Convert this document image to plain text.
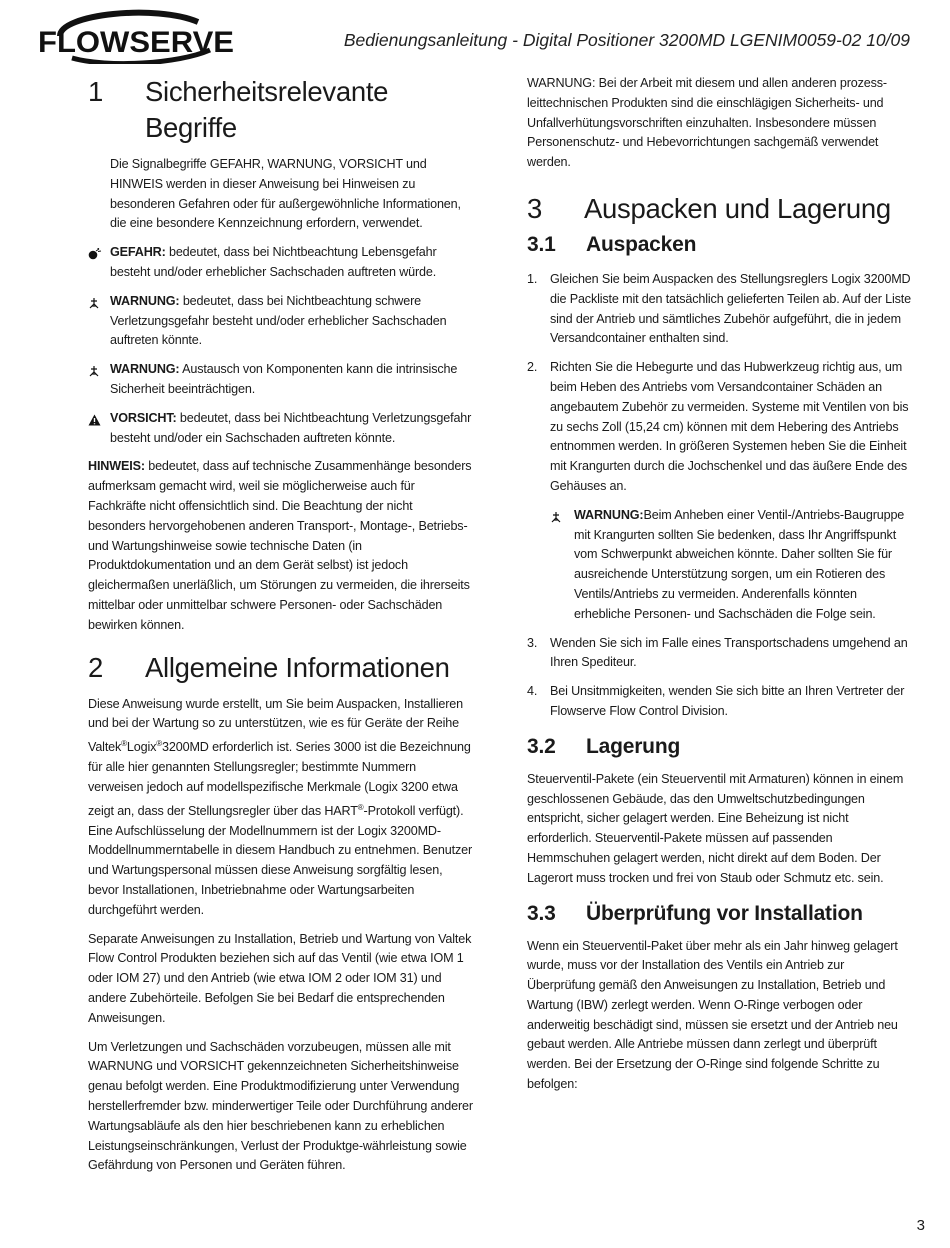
FLOWSERVE	Bedienungsanleitung - Digital Positioner 3200MD LGENIM0059-02 10/09
1	Sicherheitsrelevante Begriffe

Die Signalbegriffe GEFAHR, WARNUNG, VORSICHT und HINWEIS werden in dieser Anweisung bei Hinweisen zu besonderen Gefahren oder für außergewöhnliche Informationen, die eine besondere Kennzeichnung erfordern, verwendet.

GEFAHR: bedeutet, dass bei Nichtbeachtung Lebensgefahr besteht und/oder erheblicher Sachschaden auftreten würde.

WARNUNG: bedeutet, dass bei Nichtbeachtung schwere Verletzungsgefahr besteht und/oder erheblicher Sachschaden auftreten könnte.

WARNUNG: Austausch von Komponenten kann die intrinsische Sicherheit beeinträchtigen.

VORSICHT: bedeutet, dass bei Nichtbeachtung Verletzungsgefahr besteht und/oder ein Sachschaden auftreten könnte.

HINWEIS: bedeutet, dass auf technische Zusammenhänge besonders aufmerksam gemacht wird, weil sie möglicherweise auch für Fachkräfte nicht offensichtlich sind. Die Beachtung der nicht besonders hervorgehobenen anderen Transport-, Montage-, Betriebs- und Wartungshinweise sowie technische Daten (in Produktdokumentation und an dem Gerät selbst) ist jedoch gleichermaßen unerläßlich, um Störungen zu vermeiden, die ihrerseits mittelbar oder unmittelbar schwere Personen- oder Sachschäden bewirken können.

2	Allgemeine Informationen

Diese Anweisung wurde erstellt, um Sie beim Auspacken, Installieren und bei der Wartung so zu unterstützen, wie es für Geräte der Reihe Valtek®Logix®3200MD erforderlich ist. Series 3000 ist die Bezeichnung für alle hier genannten Stellungsregler; bestimmte Nummern verweisen jedoch auf modellspezifische Merkmale (Logix 3200 etwa zeigt an, dass der Stellungsregler über das HART®-Protokoll verfügt). Eine Aufschlüsselung der Modellnummern ist der Logix 3200MD-Moddellnummerntabelle in diesem Handbuch zu entnehmen. Benutzer und Wartungspersonal müssen diese Anweisung sorgfältig lesen, bevor Installationen, Inbetriebnahme oder Wartungsarbeiten durchgeführt werden.

Separate Anweisungen zu Installation, Betrieb und Wartung von Valtek Flow Control Produkten beziehen sich auf das Ventil (wie etwa IOM 1 oder IOM 27) und den Antrieb (wie etwa IOM 2 oder IOM 31) und andere Zubehörteile. Befolgen Sie bei Bedarf die entsprechenden Anweisungen.

Um Verletzungen und Sachschäden vorzubeugen, müssen alle mit WARNUNG und VORSICHT gekennzeichneten Sicherheitshinweise genau befolgt werden. Eine Produktmodifizierung unter Verwendung herstellerfremder bzw. minderwertiger Teile oder Durchführung anderer Wartungsabläufe als den hier beschriebenen kann zu erheblichen Leistungseinschränkungen, Verlust der Produktge-währleistung sowie Gefährdung von Personen und Geräten führen.

WARNUNG: Bei der Arbeit mit diesem und allen anderen prozess-leittechnischen Produkten sind die einschlägigen Sicherheits- und Unfallverhütungsvorschriften einzuhalten. Insbesondere müssen Personenschutz- und Hebevorrichtungen sachgemäß verwendet werden.

3	Auspacken und Lagerung
3.1	Auspacken
1.	Gleichen Sie beim Auspacken des Stellungsreglers Logix 3200MD die Packliste mit den tatsächlich gelieferten Teilen ab. Auf der Liste sind der Antrieb und sämtliches Zubehör aufgeführt, die in jedem Versandcontainer enthalten sind.
2.	Richten Sie die Hebegurte und das Hubwerkzeug richtig aus, um beim Heben des Antriebs vom Versandcontainer Schäden an angebautem Zubehör zu vermeiden. Systeme mit Ventilen von bis zu sechs Zoll (15,24 cm) können mit dem Hebering des Antriebs entnommen werden. In größeren Systemen heben Sie die Einheit mit Krangurten durch die Jochschenkel und das äußere Ende des Gehäuses an.

WARNUNG:Beim Anheben einer Ventil-/Antriebs-Baugruppe mit Krangurten sollten Sie bedenken, dass Ihr Angriffspunkt vom Schwerpunkt abweichen könnte. Daher sollten Sie für ausreichende Unterstützung sorgen, um ein Rotieren des Ventils/Antriebs zu vermeiden. Anderenfalls könnten erhebliche Personen- und Sachschäden die Folge sein.

3.	Wenden Sie sich im Falle eines Transportschadens umgehend an Ihren Spediteur.
4.	Bei Unsitmmigkeiten, wenden Sie sich bitte an Ihren Vertreter der Flowserve Flow Control Division.
3.2	Lagerung

Steuerventil-Pakete (ein Steuerventil mit Armaturen) können in einem geschlossenen Gebäude, das den Umweltschutzbedingungen entspricht, sicher gelagert werden. Eine Beheizung ist nicht erforderlich. Steuerventil-Pakete müssen auf passenden Hemmschuhen gelagert werden, nicht direkt auf dem Boden. Der Lagerort muss trocken und frei von Staub oder Schmutz etc. sein.

3.3	Überprüfung vor Installation

Wenn ein Steuerventil-Paket über mehr als ein Jahr hinweg gelagert wurde, muss vor der Installation des Ventils ein Antrieb zur Überprüfung gemäß den Anweisungen zu Installation, Betrieb und Wartung (IBW) zerlegt werden. Wenn O-Ringe verbogen oder anderweitig beschädigt sind, müssen sie ersetzt und der Antrieb neu gebaut werden. Alle Antriebe müssen dann zerlegt und überprüft werden. Bei der Ersetzung der O-Ringe sind folgende Schritte zu befolgen:

3
